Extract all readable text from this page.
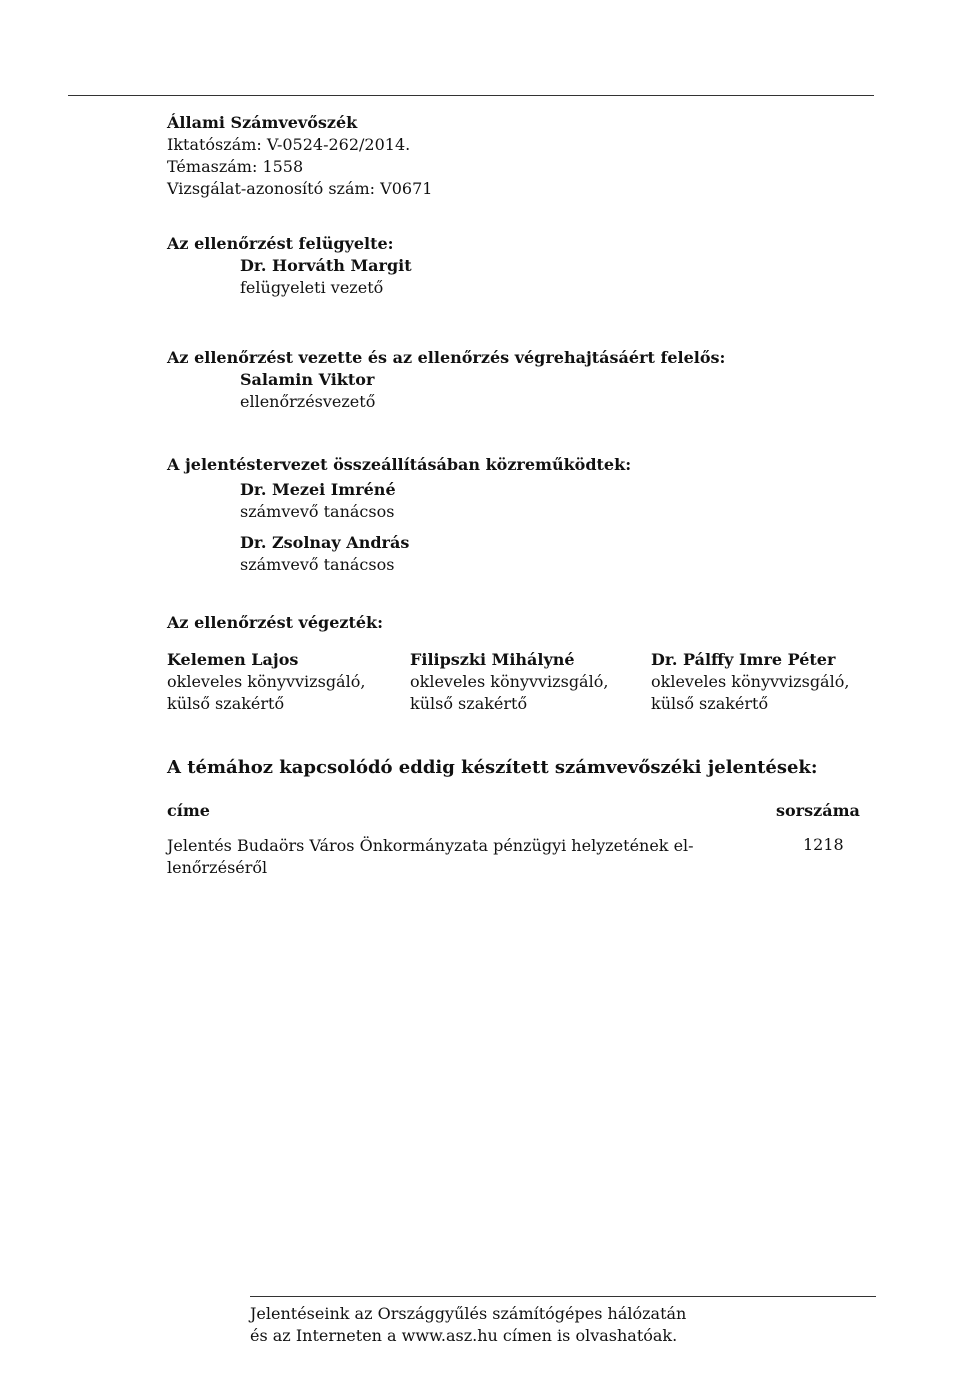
Állami Számvevőszék
Iktatószám: V-0524-262/2014.
Témaszám: 1558
Vizsgálat-azonosító szám: V0671
Az ellenőrzést felügyelte:
Dr. Horváth Margit
felügyeleti vezető
Az ellenőrzést vezette és az ellenőrzés végrehajtásáért felelős:
Salamin Viktor
ellenőrzésvezető
A jelentéstervezet összeállításában közreműködtek:
Dr. Mezei Imréné
számvevő tanácsos
Dr. Zsolnay András
számvevő tanácsos
Az ellenőrzést végezték:
Kelemen Lajos
okleveles könyvvizsgáló,
külső szakértő
Filipszki Mihályné
okleveles könyvvizsgáló,
külső szakértő
Dr. Pálffy Imre Péter
okleveles könyvvizsgáló,
külső szakértő
A témához kapcsolódó eddig készített számvevőszéki jelentések:
címe	sorszáma
Jelentés Budaörs Város Önkormányzata pénzügyi helyzetének el-
lenőrzéséről
1218
Jelentéseink az Országgyűlés számítógépes hálózatán
és az Interneten a www.asz.hu címen is olvashatóak.
